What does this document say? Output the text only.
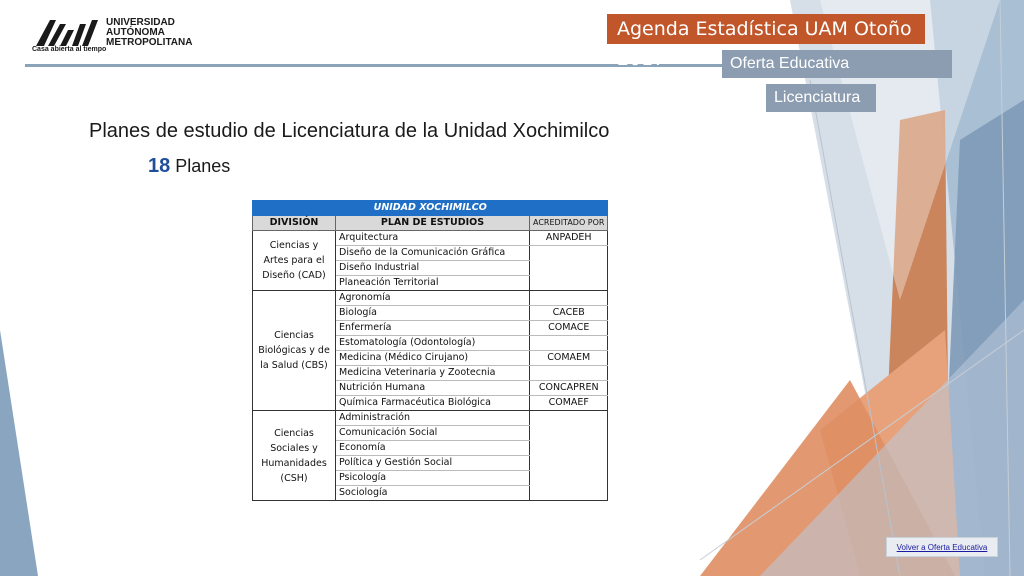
UNIVERSIDAD
AUTÓNOMA
METROPOLITANA
Casa abierta al tiempo
Agenda Estadística UAM Otoño 2017	Oferta Educativa
Licenciatura
Planes de estudio de Licenciatura de la Unidad Xochimilco
18 Planes
UNIDAD XOCHIMILCO		
DIVISIÓN	PLAN DE ESTUDIOS	ACREDITADO POR
Ciencias y Artes para el Diseño (CAD)	Arquitectura	ANPADEH
	Diseño de la Comunicación Gráfica	
	Diseño Industrial	
	Planeación Territorial	
Ciencias Biológicas y de la Salud (CBS)	Agronomía	
	Biología	CACEB
	Enfermería	COMACE
	Estomatología (Odontología)	
	Medicina (Médico Cirujano)	COMAEM
	Medicina Veterinaria y Zootecnia	
	Nutrición Humana	CONCAPREN
	Química Farmacéutica Biológica	COMAEF
Ciencias Sociales y Humanidades (CSH)	Administración	
	Comunicación Social	
	Economía	
	Política y Gestión Social	
	Psicología	
	Sociología	
Volver a Oferta Educativa
